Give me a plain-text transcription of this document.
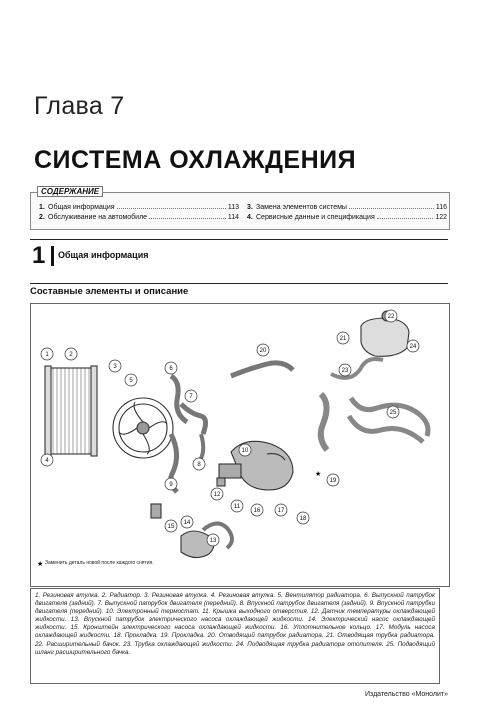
Глава 7
СИСТЕМА ОХЛАЖДЕНИЯ
СОДЕРЖАНИЕ
1. Общая информация	113
2. Обслуживание на автомобиле	114
3. Замена элементов системы	116
4. Сервисные данные и спецификация	122
1 Общая информация
Составные элементы и описание
1	2
3
4
5
6
7
8
9
10
11
12
13
14
15
16	17
18
19
20
21
22
23
24
25
★
★
Заменить деталь новой после каждого снятия.
1. Резиновая втулка. 2. Радиатор. 3. Резиновая втулка. 4. Резиновая втулка. 5. Вентилятор радиатора. 6. Выпускной патрубок двигателя (задний). 7. Выпускной патрубок двигателя (передний). 8. Впускной патрубок двигателя (задний). 9. Впускной патрубки двигателя (передний). 10. Электронный термостат. 11. Крышка выходного отверстия. 12. Датчик температуры охлаждающей жидкости. 13. Впускной патрубок электрического насоса охлаждающей жидкости. 14. Электрический насос охлаждающей жидкости. 15. Кронштейн электрического насоса охлаждающей жидкости. 16. Уплотнительное кольцо. 17. Модуль насоса охлаждающей жидкости. 18. Прокладка. 19. Прокладка. 20. Отводящий патрубок радиатора. 21. Отводящая трубка радиатора. 22. Расширительный бачок. 23. Трубка охлаждающей жидкости. 24. Подводящая трубка радиатора отопителя. 25. Подводящий шланг расширительного бачка.
Издательство «Монолит»
